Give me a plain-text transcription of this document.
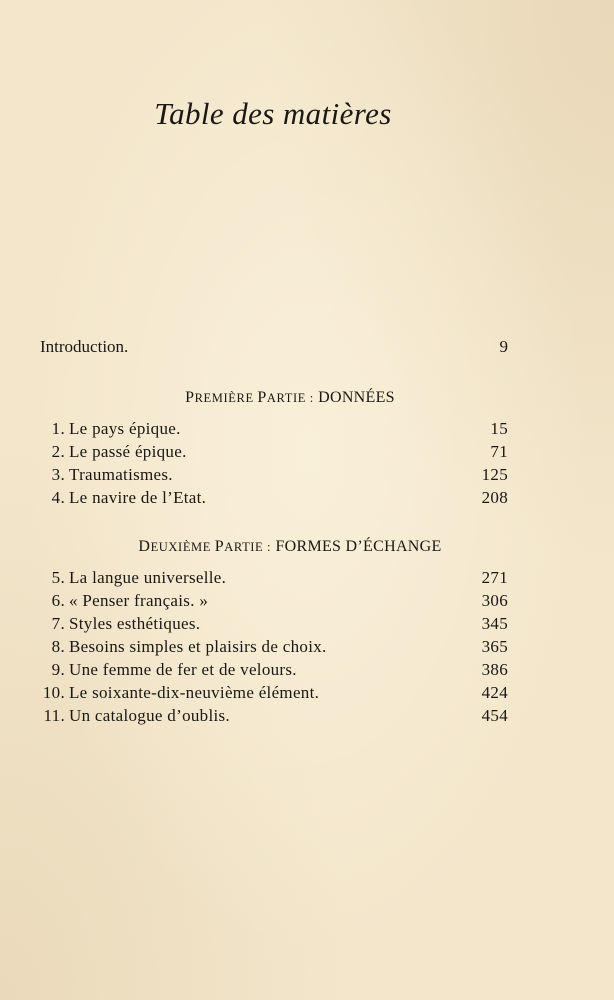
Table des matières
Introduction.	9
PREMIÈRE PARTIE : DONNÉES
1. Le pays épique.	15
2. Le passé épique.	71
3. Traumatismes.	125
4. Le navire de l’Etat.	208
DEUXIÈME PARTIE : FORMES D’ÉCHANGE
5. La langue universelle.	271
6. « Penser français. »	306
7. Styles esthétiques.	345
8. Besoins simples et plaisirs de choix.	365
9. Une femme de fer et de velours.	386
10. Le soixante-dix-neuvième élément.	424
11. Un catalogue d’oublis.	454
